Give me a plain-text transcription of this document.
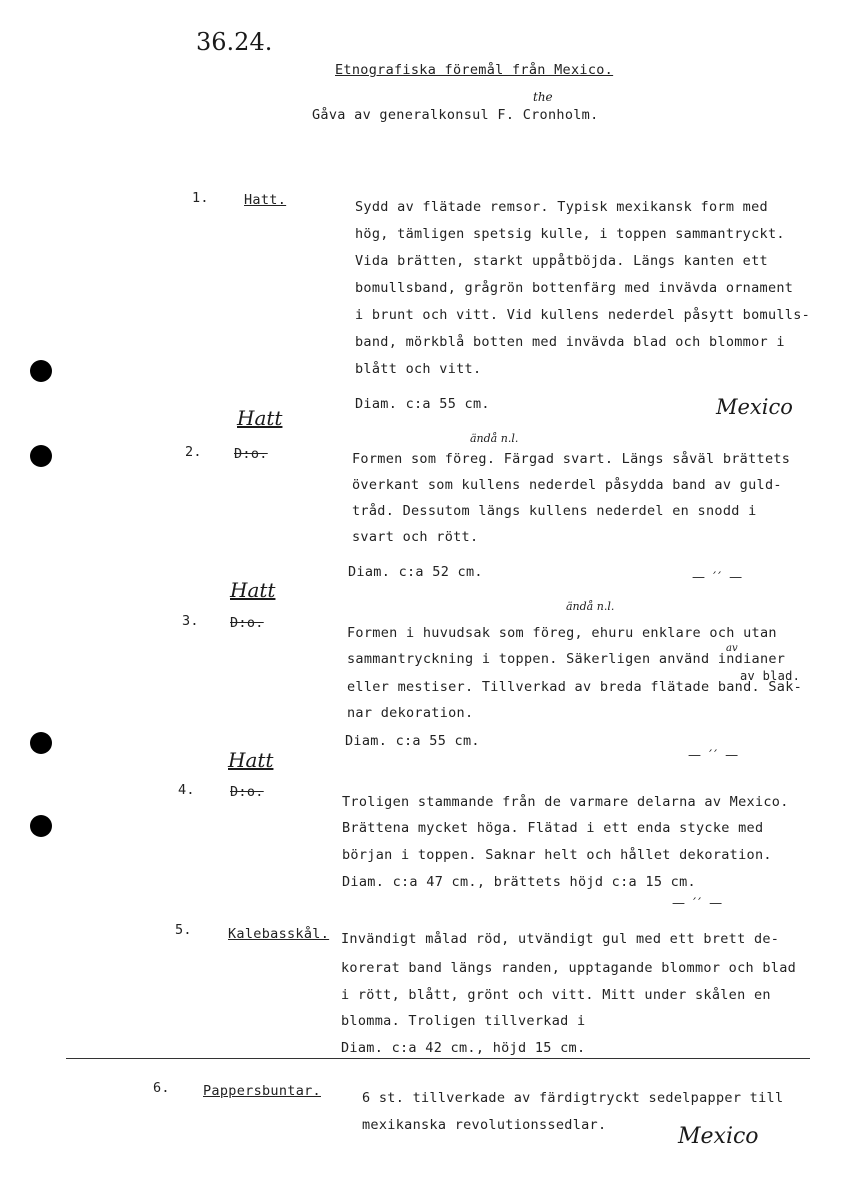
36.24.
Etnografiska föremål från Mexico.
Gåva av generalkonsul F. Cronholm.
the
1.	Hatt.	Sydd av flätade remsor. Typisk mexikansk form med
hög, tämligen spetsig kulle, i toppen sammantryckt.
Vida brätten, starkt uppåtböjda. Längs kanten ett
bomullsband, grågrön bottenfärg med invävda ornament
i brunt och vitt. Vid kullens nederdel påsytt bomulls-
band, mörkblå botten med invävda blad och blommor i
blått och vitt.
Diam. c:a 55 cm.	Mexico
Hatt
2. D:o.
ändå n.l.
Formen som föreg. Färgad svart. Längs såväl brättets
överkant som kullens nederdel påsydda band av guld-
tråd. Dessutom längs kullens nederdel en snodd i
svart och rött.
Diam. c:a 52 cm.	— ′′ —
Hatt
3. D:o.
ändå n.l.
av
av blad.
Formen i huvudsak som föreg, ehuru enklare och utan
sammantryckning i toppen. Säkerligen använd indianer
eller mestiser. Tillverkad av breda flätade band. Sak-
nar dekoration.
Diam. c:a 55 cm.
— ′′ —
Hatt
4.	D:o.
Troligen stammande från de varmare delarna av Mexico.
Brättena mycket höga. Flätad i ett enda stycke med
början i toppen. Saknar helt och hållet dekoration.
Diam. c:a 47 cm., brättets höjd c:a 15 cm.
— ′′ —
5.	Kalebasskål. Invändigt målad röd, utvändigt gul med ett brett de-
korerat band längs randen, upptagande blommor och blad
i rött, blått, grönt och vitt. Mitt under skålen en
blomma. Troligen tillverkad i
Diam. c:a 42 cm., höjd 15 cm.
6. Pappersbuntar.	6 st. tillverkade av färdigtryckt sedelpapper till
mexikanska revolutionssedlar.	Mexico
